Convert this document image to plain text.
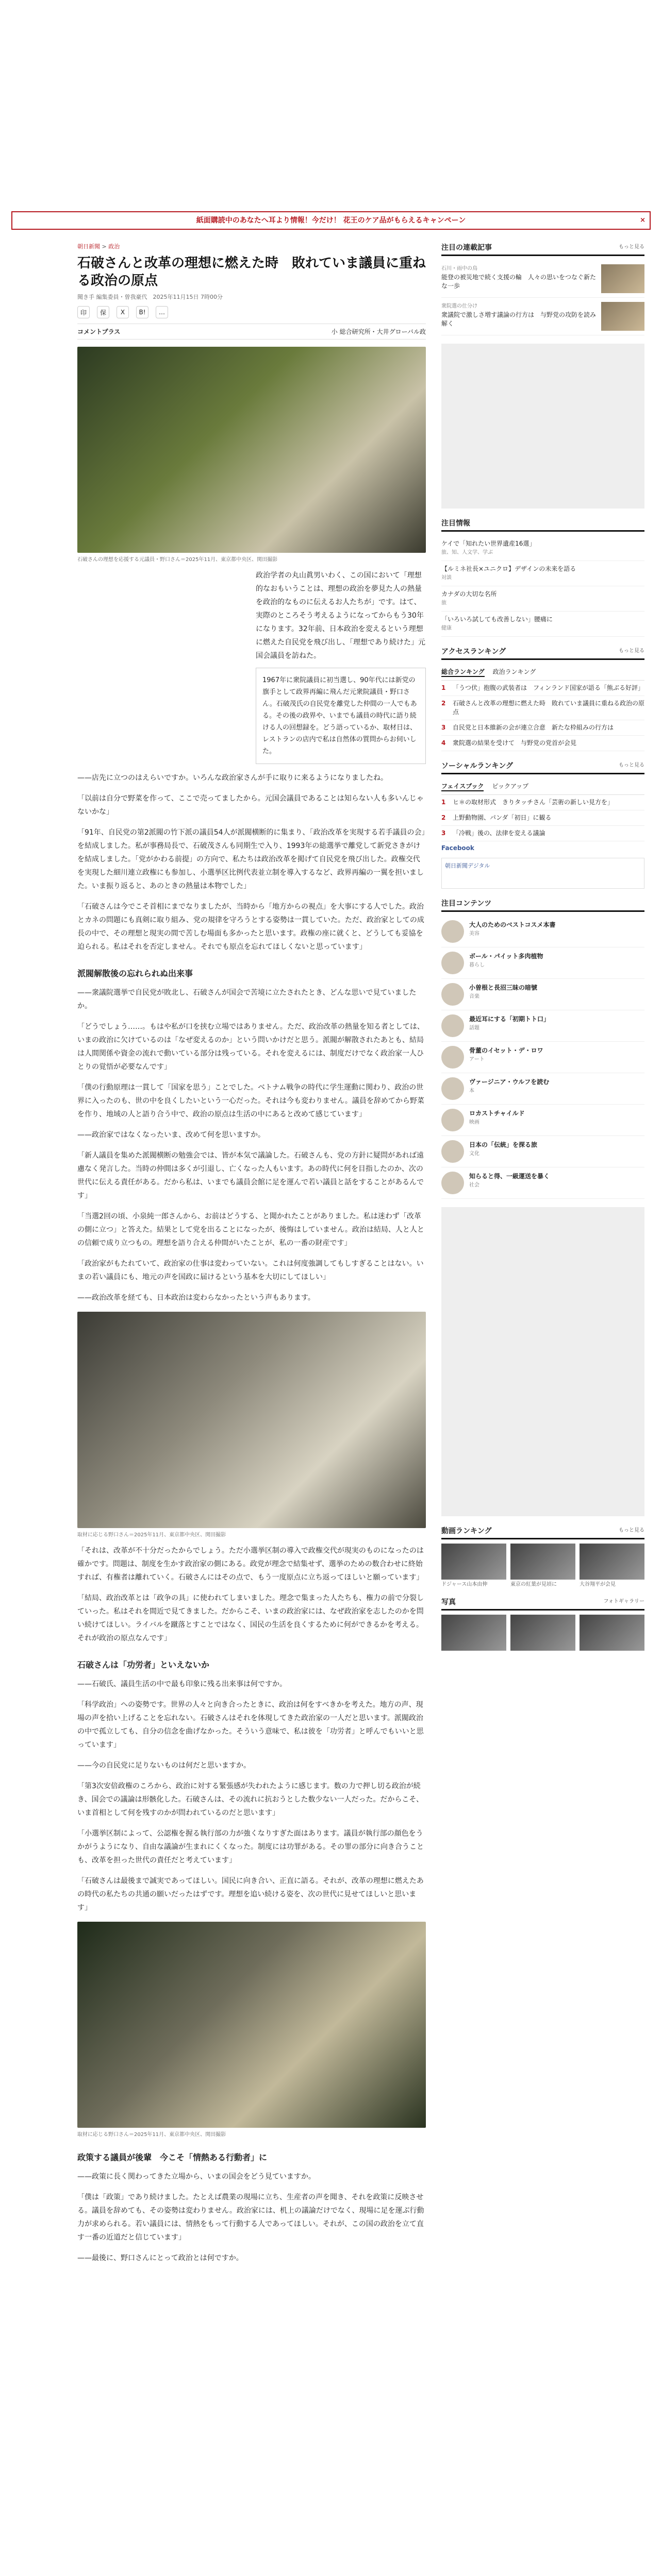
紙面購読中のあなたへ耳より情報！今だけ！ 花王のケア品がもらえるキャンペーン	×
朝日新聞 > 政治
石破さんと改革の理想に燃えた時　敗れていま議員に重ねる政治の原点
聞き手 編集委員・曽我豪代　2025年11月15日 7時00分
印	保	X	B!	…
コメントプラス	小 総合研究所・大井グローバル政
石破さんの理想を応援する元議員・野口さん＝2025年11月、東京都中央区、関田撮影
政治学者の丸山眞男いわく、この国において「理想的なおもいうことは、理想の政治を夢見た人の熱量を政治的なものに伝えるお人たちが」です。はて、実際のところそう考えるようになってからもう30年になります。32年前、日本政治を変えるという理想に燃えた自民党を飛び出し、「理想であり続けた」元国会議員を訪ねた。
1967年に衆院議員に初当選し、90年代には新党の旗手として政界再編に飛んだ元衆院議員・野口さん。石破茂氏の自民党を離党した仲間の一人でもある。その後の政界や、いまでも議員の時代に語り続ける人の回想録を。どう語っているか、取材日は、レストランの店内で私は自然体の質問からお伺いした。

——店先に立つのはえらいですか。いろんな政治家さんが手に取りに来るようになりましたね。

「以前は自分で野菜を作って、ここで売ってましたから。元国会議員であることは知らない人も多いんじゃないかな」

「91年、自民党の第2派閥の竹下派の議員54人が派閥横断的に集まり、「政治改革を実現する若手議員の会」を結成しました。私が事務局長で、石破茂さんも同期生で入り、1993年の総選挙で離党して新党さきがけを結成しました。「党がかわる前提」の方向で、私たちは政治改革を掲げて自民党を飛び出した。政権交代を実現した細川連立政権にも参加し、小選挙区比例代表並立制を導入するなど、政界再編の一翼を担いました。いま振り返ると、あのときの熱量は本物でした」

「石破さんは今でこそ首相にまでなりましたが、当時から「地方からの視点」を大事にする人でした。政治とカネの問題にも真剣に取り組み、党の規律を守ろうとする姿勢は一貫していた。ただ、政治家としての成長の中で、その理想と現実の間で苦しむ場面も多かったと思います。政権の座に就くと、どうしても妥協を迫られる。私はそれを否定しません。それでも原点を忘れてほしくないと思っています」

派閥解散後の忘れられぬ出来事

——衆議院選挙で自民党が敗北し、石破さんが国会で苦境に立たされたとき、どんな思いで見ていましたか。

「どうでしょう……。もはや私が口を挟む立場ではありません。ただ、政治改革の熱量を知る者としては、いまの政治に欠けているのは「なぜ変えるのか」という問いかけだと思う。派閥が解散されたあとも、結局は人間関係や資金の流れで動いている部分は残っている。それを変えるには、制度だけでなく政治家一人ひとりの覚悟が必要なんです」

「僕の行動原理は一貫して「国家を思う」ことでした。ベトナム戦争の時代に学生運動に関わり、政治の世界に入ったのも、世の中を良くしたいという一心だった。それは今も変わりません。議員を辞めてから野菜を作り、地域の人と語り合う中で、政治の原点は生活の中にあると改めて感じています」

——政治家ではなくなったいま、改めて何を思いますか。

「新人議員を集めた派閥横断の勉強会では、皆が本気で議論した。石破さんも、党の方針に疑問があれば遠慮なく発言した。当時の仲間は多くが引退し、亡くなった人もいます。あの時代に何を目指したのか、次の世代に伝える責任がある。だから私は、いまでも議員会館に足を運んで若い議員と話をすることがあるんです」

「当選2回の頃、小泉純一郎さんから、お前はどうする、と聞かれたことがありました。私は迷わず「改革の側に立つ」と答えた。結果として党を出ることになったが、後悔はしていません。政治は結局、人と人との信頼で成り立つもの。理想を語り合える仲間がいたことが、私の一番の財産です」

「政治家がもたれていて、政治家の仕事は変わっていない。これは何度強調してもしすぎることはない。いまの若い議員にも、地元の声を国政に届けるという基本を大切にしてほしい」

——政治改革を経ても、日本政治は変わらなかったという声もあります。

取材に応じる野口さん＝2025年11月、東京都中央区、関田撮影

「それは、改革が不十分だったからでしょう。ただ小選挙区制の導入で政権交代が現実のものになったのは確かです。問題は、制度を生かす政治家の側にある。政党が理念で結集せず、選挙のための数合わせに終始すれば、有権者は離れていく。石破さんにはその点で、もう一度原点に立ち返ってほしいと願っています」

「結局、政治改革とは「政争の具」に使われてしまいました。理念で集まった人たちも、権力の前で分裂していった。私はそれを間近で見てきました。だからこそ、いまの政治家には、なぜ政治家を志したのかを問い続けてほしい。ライバルを蹴落とすことではなく、国民の生活を良くするために何ができるかを考える。それが政治の原点なんです」

石破さんは「功労者」といえないか

——石破氏、議員生活の中で最も印象に残る出来事は何ですか。

「科学政治」への姿勢です。世界の人々と向き合ったときに、政治は何をすべきかを考えた。地方の声、現場の声を拾い上げることを忘れない。石破さんはそれを体現してきた政治家の一人だと思います。派閥政治の中で孤立しても、自分の信念を曲げなかった。そういう意味で、私は彼を「功労者」と呼んでもいいと思っています」

——今の自民党に足りないものは何だと思いますか。

「第3次安倍政権のころから、政治に対する緊張感が失われたように感じます。数の力で押し切る政治が続き、国会での議論は形骸化した。石破さんは、その流れに抗おうとした数少ない一人だった。だからこそ、いま首相として何を残すのかが問われているのだと思います」

「小選挙区制によって、公認権を握る執行部の力が強くなりすぎた面はあります。議員が執行部の顔色をうかがうようになり、自由な議論が生まれにくくなった。制度には功罪がある。その罪の部分に向き合うことも、改革を担った世代の責任だと考えています」

「石破さんは最後まで誠実であってほしい。国民に向き合い、正直に語る。それが、改革の理想に燃えたあの時代の私たちの共通の願いだったはずです。理想を追い続ける姿を、次の世代に見せてほしいと思います」

取材に応じる野口さん＝2025年11月、東京都中央区、関田撮影
政策する議員が後輩　今こそ「情熱ある行動者」に

——政策に長く関わってきた立場から、いまの国会をどう見ていますか。

「僕は「政策」であり続けました。たとえば農業の現場に立ち、生産者の声を聞き、それを政策に反映させる。議員を辞めても、その姿勢は変わりません。政治家には、机上の議論だけでなく、現場に足を運ぶ行動力が求められる。若い議員には、情熱をもって行動する人であってほしい。それが、この国の政治を立て直す一番の近道だと信じています」

——最後に、野口さんにとって政治とは何ですか。

注目の連載記事	もっと見る
石川・雨中の鳥
能登の被災地で続く支援の輪　人々の思いをつなぐ新たな一歩
衆院選の仕分け
衆議院で激しさ増す議論の行方は　与野党の攻防を読み解く
注目情報
ケイで「知れたい世界遺産16選」
旅、知、人文学、学ぶ
【ルミネ社長×ユニクロ】デザインの未来を語る
対談
カナダの大切な名所
旅
「いろいろ試しても改善しない」腰痛に
健康
アクセスランキング	もっと見る
総合ランキング 政治ランキング
1	「うつ伏」抱腹の武装者は　フィンランド国家が語る「熊ぶる好評」
2	石破さんと改革の理想に燃えた時　敗れていま議員に重ねる政治の原点
3	自民党と日本維新の会が連立合意　新たな枠組みの行方は
4	衆院選の結果を受けて　与野党の党首が会見
ソーシャルランキング	もっと見る
フェイスブック ピックアップ
1	ヒ＊の取材形式　きりタッチさん「芸術の新しい見方を」
2	上野動物園、パンダ「初日」に観る
3	「冷戦」後の、法律を変える議論
Facebook
朝日新聞デジタル
注目コンテンツ
大人のためのベストコスメ本書
美容
ボール・パイット多肉植物
暮らし
小曽根と長沼三昧の暗號
音楽
最近耳にする「初期トト口」
話題
骨董のイセット・デ・ロワ
アート
ヴァージニア・ウルフを読む
本
ロカストチャイルド
映画
日本の「伝統」を探る旅
文化
知らると得、一級運送を暴く
社会
動画ランキング	もっと見る
ドジャース山本由伸	東京の紅葉が見頃に	大谷翔平が会見
写真	フォトギャラリー
